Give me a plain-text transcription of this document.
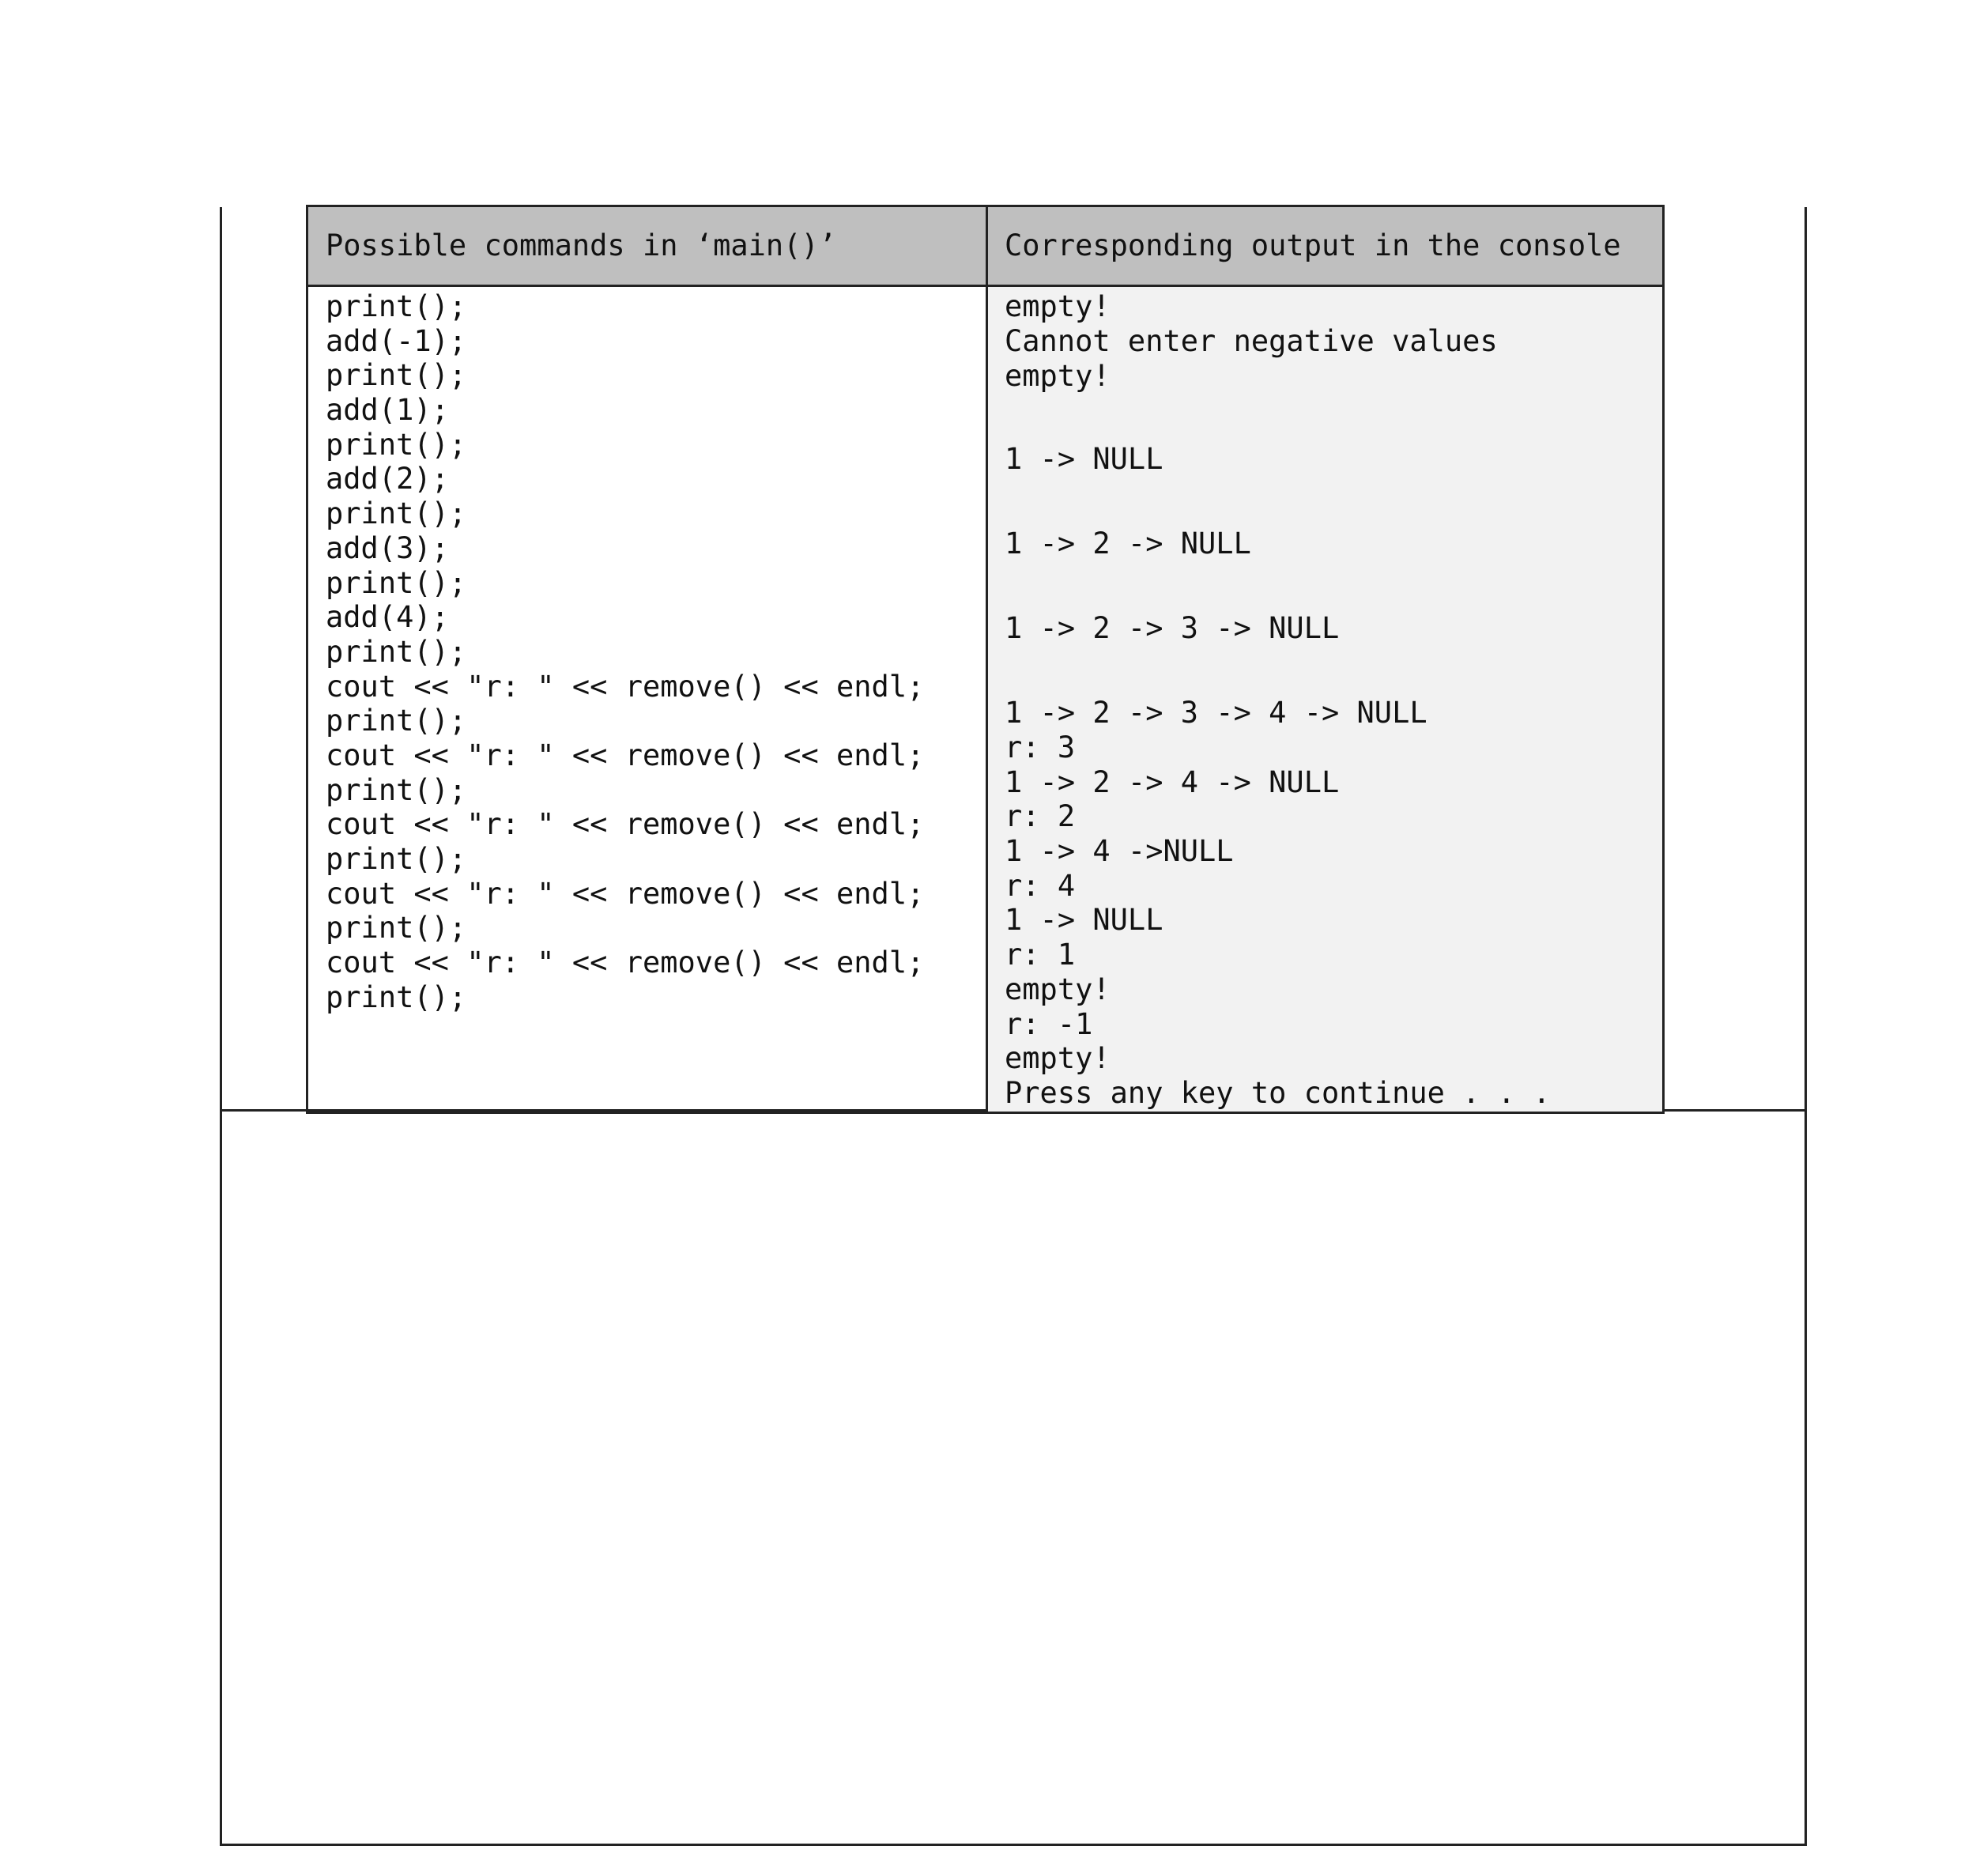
Possible commands in ‘main()’	Corresponding output in the console
print();
add(-1);
print();
add(1);
print();
add(2);
print();
add(3);
print();
add(4);
print();
cout << "r: " << remove() << endl;
print();
cout << "r: " << remove() << endl;
print();
cout << "r: " << remove() << endl;
print();
cout << "r: " << remove() << endl;
print();
cout << "r: " << remove() << endl;
print();
empty!
Cannot enter negative values
empty!
1 -> NULL
1 -> 2 -> NULL
1 -> 2 -> 3 -> NULL
1 -> 2 -> 3 -> 4 -> NULL
r: 3
1 -> 2 -> 4 -> NULL
r: 2
1 -> 4 ->NULL
r: 4
1 -> NULL
r: 1
empty!
r: -1
empty!
Press any key to continue . . .
